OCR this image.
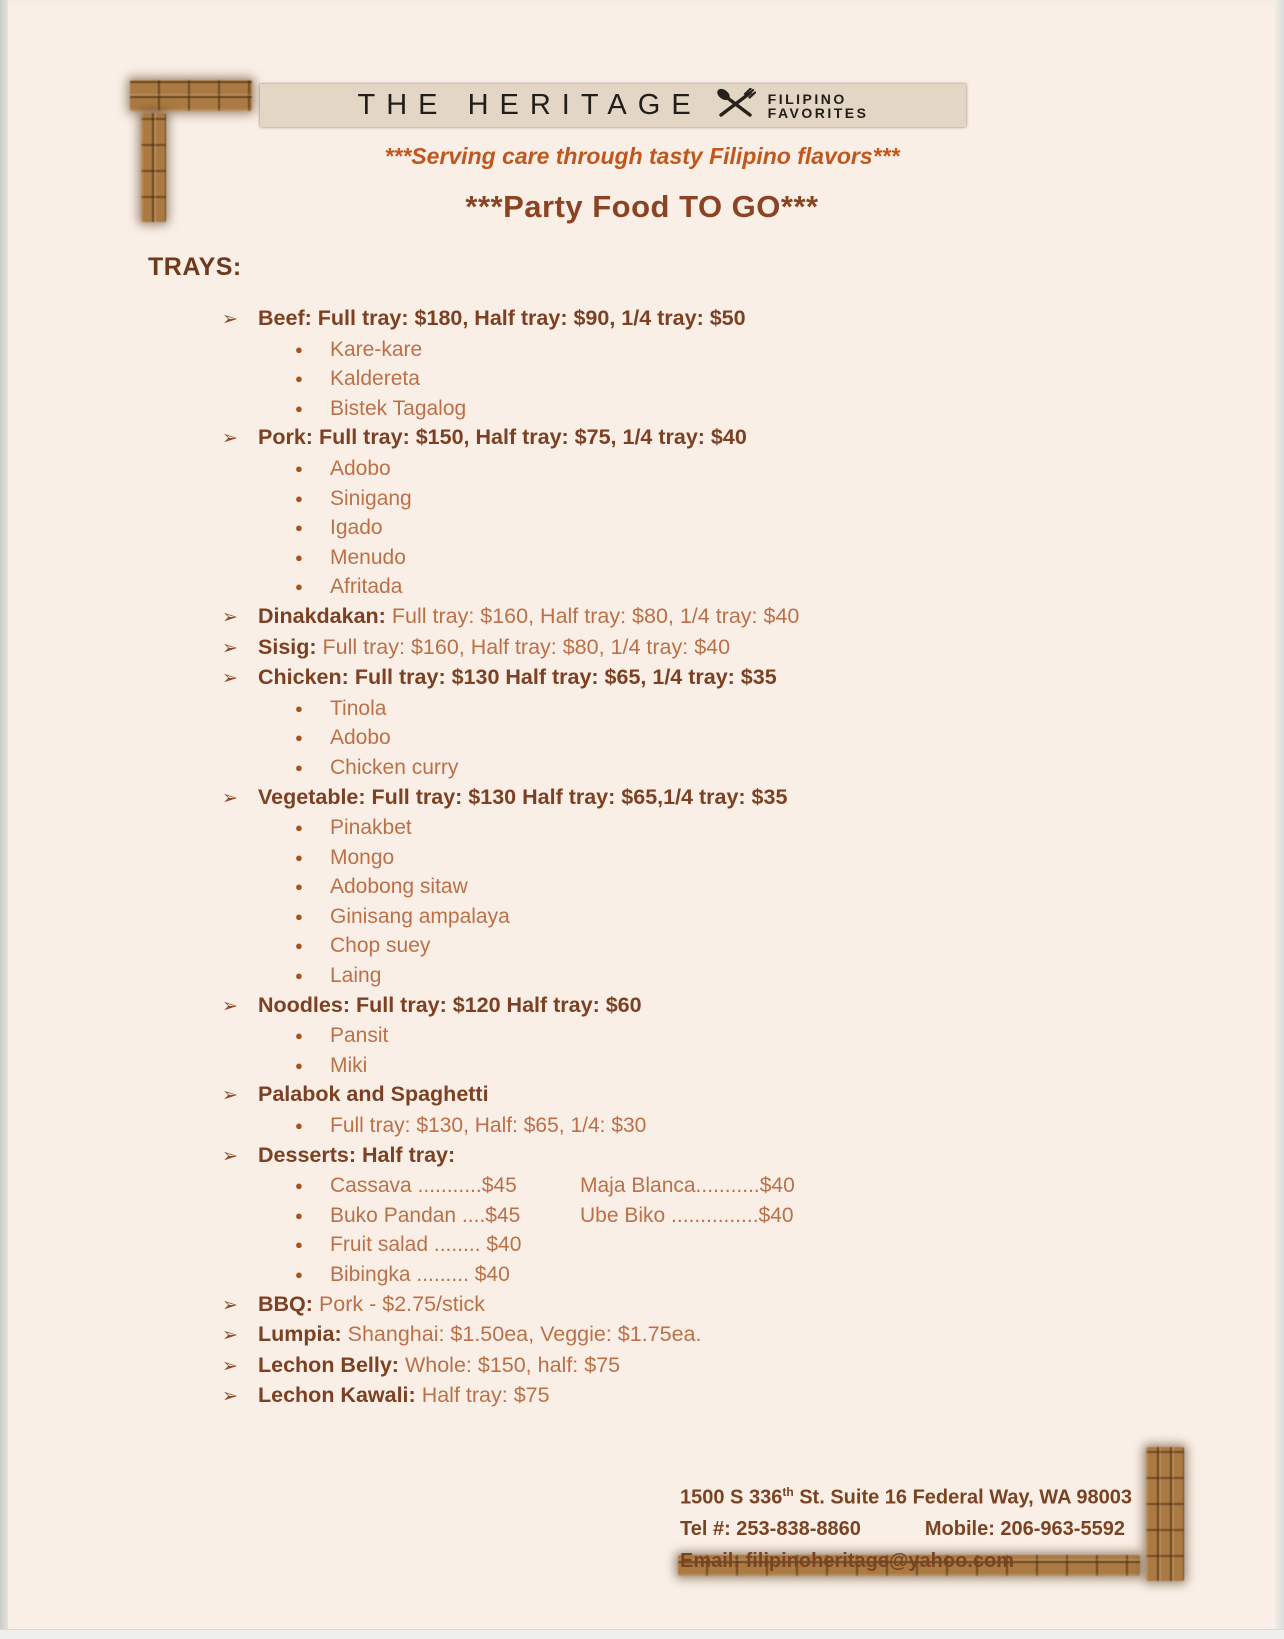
THE HERITAGE	FILIPINO
FAVORITES
***Serving care through tasty Filipino flavors***
***Party Food TO GO***
TRAYS:
➢ Beef: Full tray: $180, Half tray: $90, 1/4 tray: $50
● Kare-kare
● Kaldereta
● Bistek Tagalog
➢ Pork: Full tray: $150, Half tray: $75, 1/4 tray: $40
● Adobo
● Sinigang
● Igado
● Menudo
● Afritada
➢ Dinakdakan: Full tray: $160, Half tray: $80, 1/4 tray: $40
➢ Sisig: Full tray: $160, Half tray: $80, 1/4 tray: $40
➢ Chicken: Full tray: $130 Half tray: $65, 1/4 tray: $35
● Tinola
● Adobo
● Chicken curry
➢ Vegetable: Full tray: $130 Half tray: $65,1/4 tray: $35
● Pinakbet
● Mongo
● Adobong sitaw
● Ginisang ampalaya
● Chop suey
● Laing
➢ Noodles: Full tray: $120 Half tray: $60
● Pansit
● Miki
➢ Palabok and Spaghetti
● Full tray: $130, Half: $65, 1/4: $30
➢ Desserts: Half tray:
● Cassava ...........$45	Maja Blanca...........$40
● Buko Pandan ....$45	Ube Biko ...............$40
● Fruit salad ........ $40
● Bibingka ......... $40
➢ BBQ: Pork - $2.75/stick
➢ Lumpia: Shanghai: $1.50ea, Veggie: $1.75ea.
➢ Lechon Belly: Whole: $150, half: $75
➢ Lechon Kawali: Half tray: $75
1500 S 336th St. Suite 16 Federal Way, WA 98003
Tel #: 253-838-8860	Mobile: 206-963-5592
Email: filipinoheritage@yahoo.com
